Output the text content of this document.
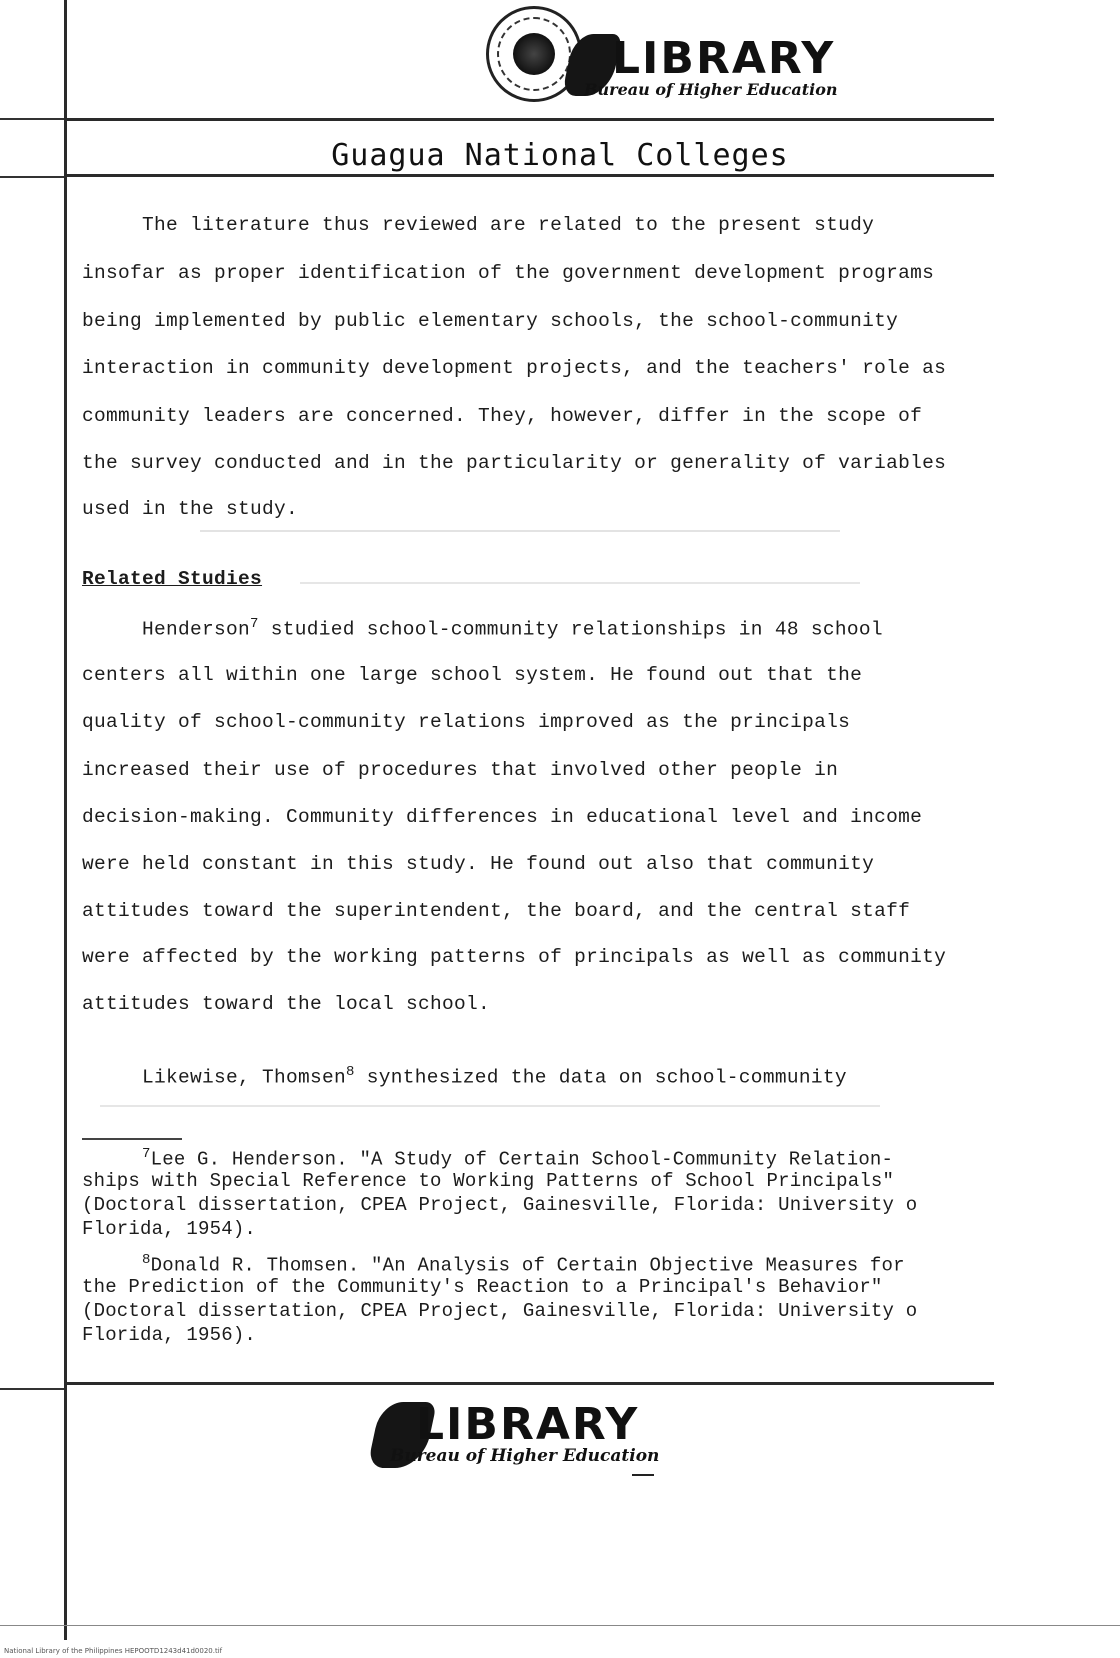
LIBRARY
Bureau of Higher Education
Guagua National Colleges
The literature thus reviewed are related to the present study
insofar as proper identification of the government development programs
being implemented by public elementary schools, the school-community
interaction in community development projects, and the teachers' role as
community leaders are concerned. They, however, differ in the scope of
the survey conducted and in the particularity or generality of variables
used in the study.
Related Studies
Henderson$^7$ studied school-community relationships in 48 school
centers all within one large school system. He found out that the
quality of school-community relations improved as the principals
increased their use of procedures that involved other people in
decision-making. Community differences in educational level and income
were held constant in this study. He found out also that community
attitudes toward the superintendent, the board, and the central staff
were affected by the working patterns of principals as well as community
attitudes toward the local school.
Likewise, Thomsen$^8$ synthesized the data on school-community
$^7$Lee G. Henderson. "A Study of Certain School-Community Relation-
ships with Special Reference to Working Patterns of School Principals"
(Doctoral dissertation, CPEA Project, Gainesville, Florida: University o
Florida, 1954).
$^8$Donald R. Thomsen. "An Analysis of Certain Objective Measures for
the Prediction of the Community's Reaction to a Principal's Behavior"
(Doctoral dissertation, CPEA Project, Gainesville, Florida: University o
Florida, 1956).
LIBRARY
Bureau of Higher Education
National Library of the Philippines HEPOOTD1243d41d0020.tif
